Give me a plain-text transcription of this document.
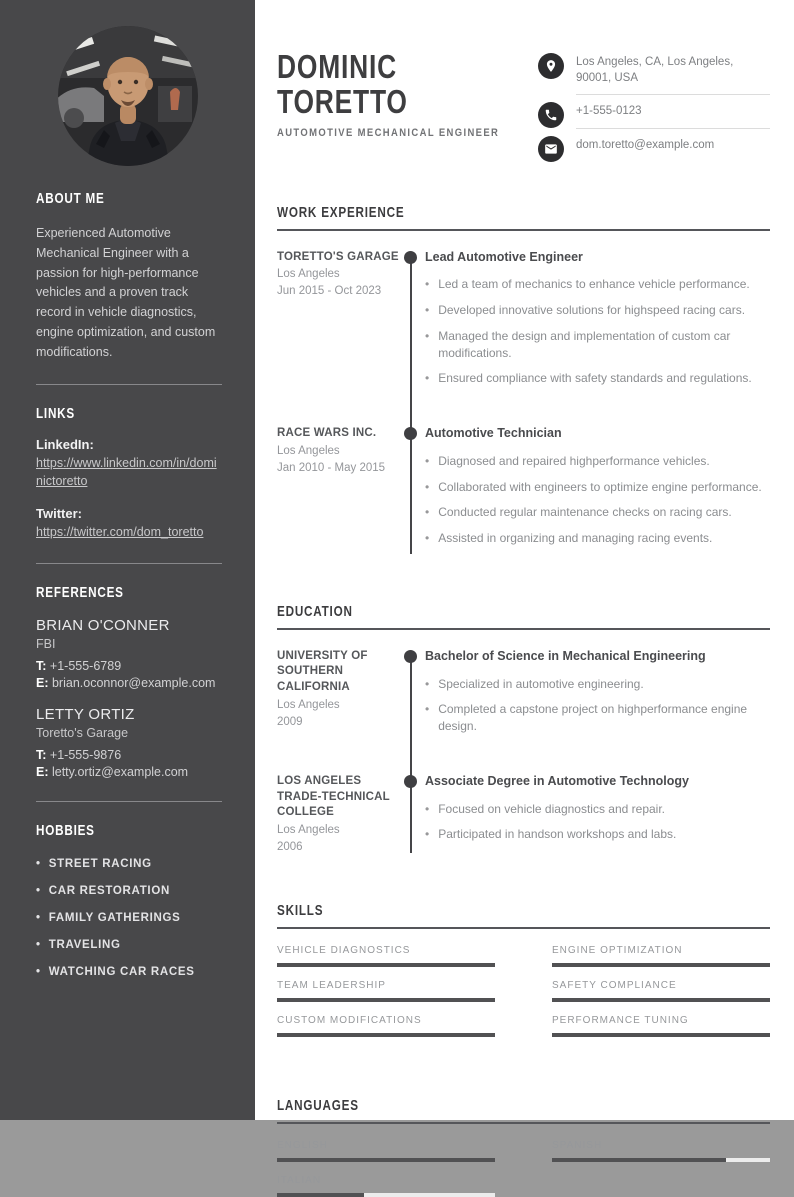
ABOUT ME

Experienced Automotive Mechanical Engineer with a passion for high-performance vehicles and a proven track record in vehicle diagnostics, engine optimization, and custom modifications.

LINKS
LinkedIn:
https://www.linkedin.com/in/dominictoretto
Twitter:
https://twitter.com/dom_toretto
REFERENCES
BRIAN O'CONNER
FBI
T: +1-555-6789
E: brian.oconnor@example.com
LETTY ORTIZ
Toretto's Garage
T: +1-555-9876
E: letty.ortiz@example.com
HOBBIES
• STREET RACING
• CAR RESTORATION
• FAMILY GATHERINGS
• TRAVELING
• WATCHING CAR RACES
DOMINIC
TORETTO
AUTOMOTIVE MECHANICAL ENGINEER
Los Angeles, CA, Los Angeles, 90001, USA
+1-555-0123
dom.toretto@example.com
WORK EXPERIENCE
TORETTO'S GARAGE
Los Angeles
Jun 2015 - Oct 2023
Lead Automotive Engineer
• Led a team of mechanics to enhance vehicle performance.
• Developed innovative solutions for highspeed racing cars.
• Managed the design and implementation of custom car modifications.
• Ensured compliance with safety standards and regulations.
RACE WARS INC.
Los Angeles
Jan 2010 - May 2015
Automotive Technician
• Diagnosed and repaired highperformance vehicles.
• Collaborated with engineers to optimize engine performance.
• Conducted regular maintenance checks on racing cars.
• Assisted in organizing and managing racing events.
EDUCATION
UNIVERSITY OF SOUTHERN CALIFORNIA
Los Angeles
2009
Bachelor of Science in Mechanical Engineering
• Specialized in automotive engineering.
• Completed a capstone project on highperformance engine design.
LOS ANGELES TRADE-TECHNICAL COLLEGE
Los Angeles
2006
Associate Degree in Automotive Technology
• Focused on vehicle diagnostics and repair.
• Participated in handson workshops and labs.
SKILLS
VEHICLE DIAGNOSTICS	ENGINE OPTIMIZATION
TEAM LEADERSHIP	SAFETY COMPLIANCE
CUSTOM MODIFICATIONS	PERFORMANCE TUNING
LANGUAGES
ENGLISH	SPANISH
ITALIAN
